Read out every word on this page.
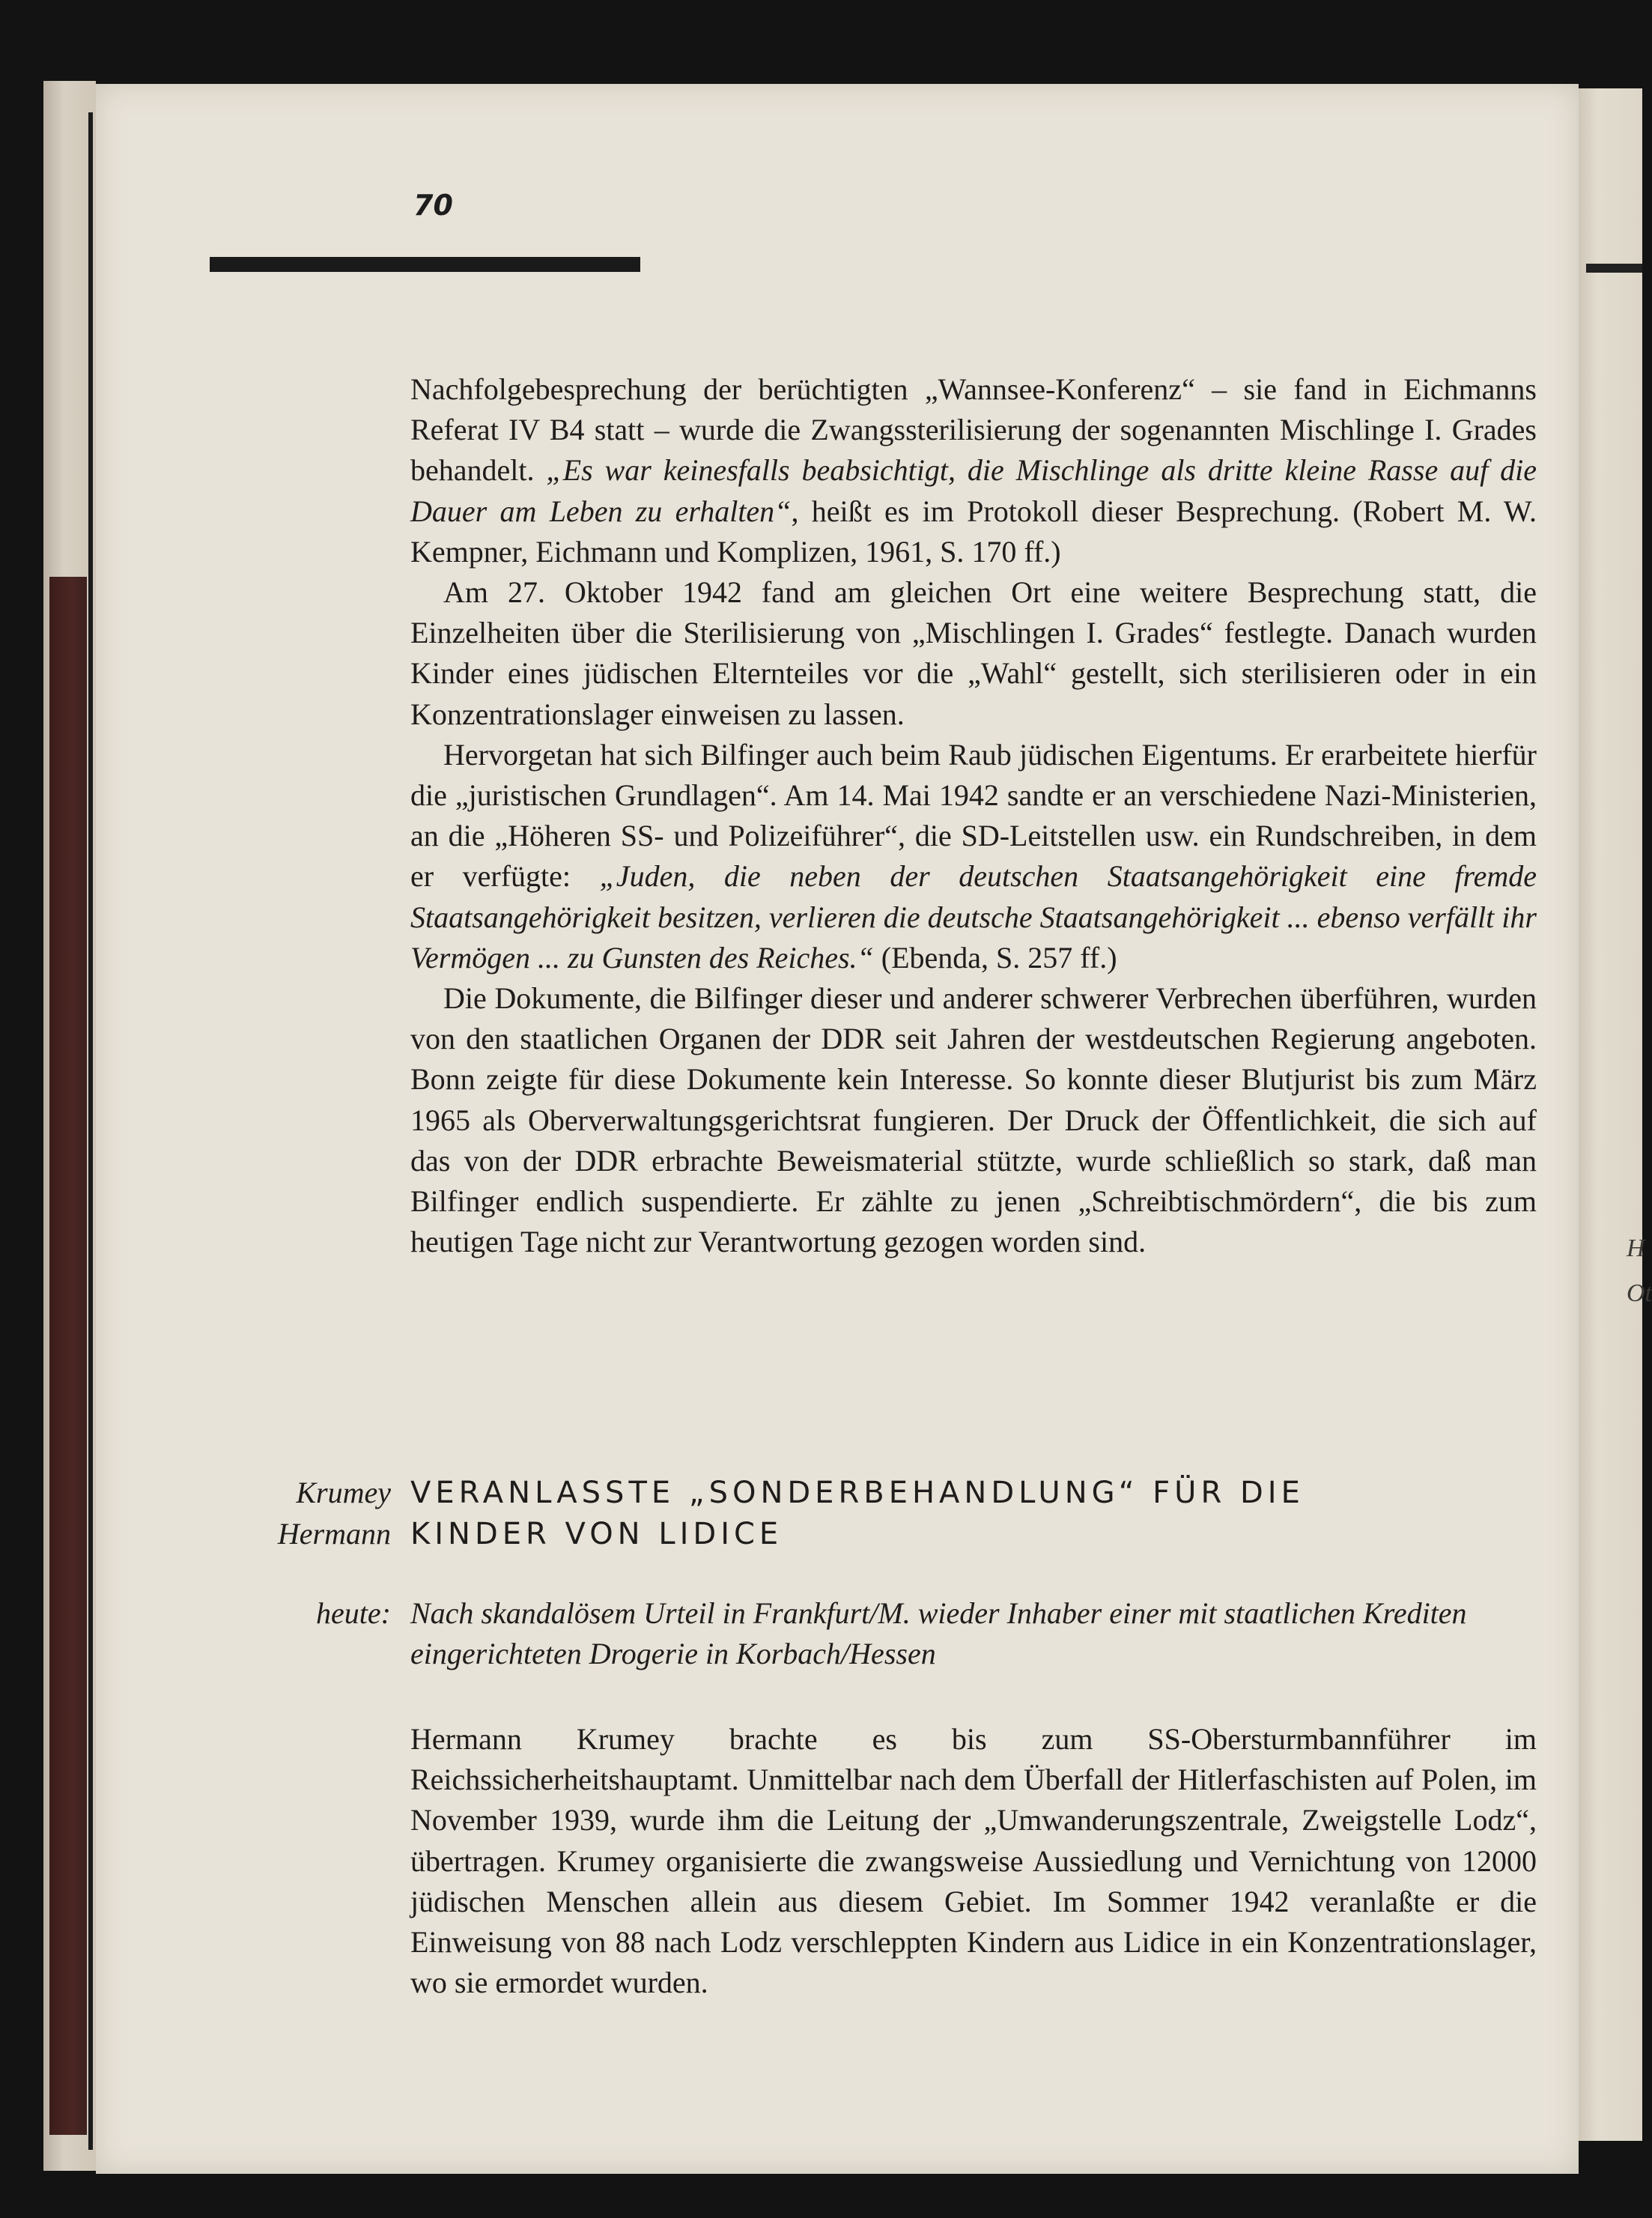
H
Ot
70

Nachfolgebesprechung der berüchtigten „Wannsee-Konferenz“ – sie fand in Eichmanns Referat IV B4 statt – wurde die Zwangssterilisierung der sogenannten Mischlinge I. Grades behandelt. „Es war keinesfalls beabsichtigt, die Mischlinge als dritte kleine Rasse auf die Dauer am Leben zu erhalten“, heißt es im Protokoll dieser Besprechung. (Robert M. W. Kempner, Eichmann und Komplizen, 1961, S. 170 ff.)

Am 27. Oktober 1942 fand am gleichen Ort eine weitere Besprechung statt, die Einzelheiten über die Sterilisierung von „Mischlingen I. Grades“ festlegte. Danach wurden Kinder eines jüdischen Elternteiles vor die „Wahl“ gestellt, sich sterilisieren oder in ein Konzentrationslager einweisen zu lassen.

Hervorgetan hat sich Bilfinger auch beim Raub jüdischen Eigentums. Er erarbeitete hierfür die „juristischen Grundlagen“. Am 14. Mai 1942 sandte er an verschiedene Nazi-Ministerien, an die „Höheren SS- und Polizeiführer“, die SD-Leitstellen usw. ein Rundschreiben, in dem er verfügte: „Juden, die neben der deutschen Staatsangehörigkeit eine fremde Staatsangehörigkeit besitzen, verlieren die deutsche Staatsangehörigkeit ... ebenso verfällt ihr Vermögen ... zu Gunsten des Reiches.“ (Ebenda, S. 257 ff.)

Die Dokumente, die Bilfinger dieser und anderer schwerer Verbrechen überführen, wurden von den staatlichen Organen der DDR seit Jahren der westdeutschen Regierung angeboten. Bonn zeigte für diese Dokumente kein Interesse. So konnte dieser Blutjurist bis zum März 1965 als Oberverwaltungsgerichtsrat fungieren. Der Druck der Öffentlichkeit, die sich auf das von der DDR erbrachte Beweismaterial stützte, wurde schließlich so stark, daß man Bilfinger endlich suspendierte. Er zählte zu jenen „Schreibtischmördern“, die bis zum heutigen Tage nicht zur Verantwortung gezogen worden sind.

Krumey
Hermann
VERANLASSTE „SONDERBEHANDLUNG“ FÜR DIE
KINDER VON LIDICE
heute: Nach skandalösem Urteil in Frankfurt/M. wieder Inhaber einer mit staatlichen Krediten eingerichteten Drogerie in Korbach/Hessen

Hermann Krumey brachte es bis zum SS-Obersturmbannführer im Reichssicherheitshauptamt. Unmittelbar nach dem Überfall der Hitlerfaschisten auf Polen, im November 1939, wurde ihm die Leitung der „Umwanderungszentrale, Zweigstelle Lodz“, übertragen. Krumey organisierte die zwangsweise Aussiedlung und Vernichtung von 12000 jüdischen Menschen allein aus diesem Gebiet. Im Sommer 1942 veranlaßte er die Einweisung von 88 nach Lodz verschleppten Kindern aus Lidice in ein Konzentrationslager, wo sie ermordet wurden.
